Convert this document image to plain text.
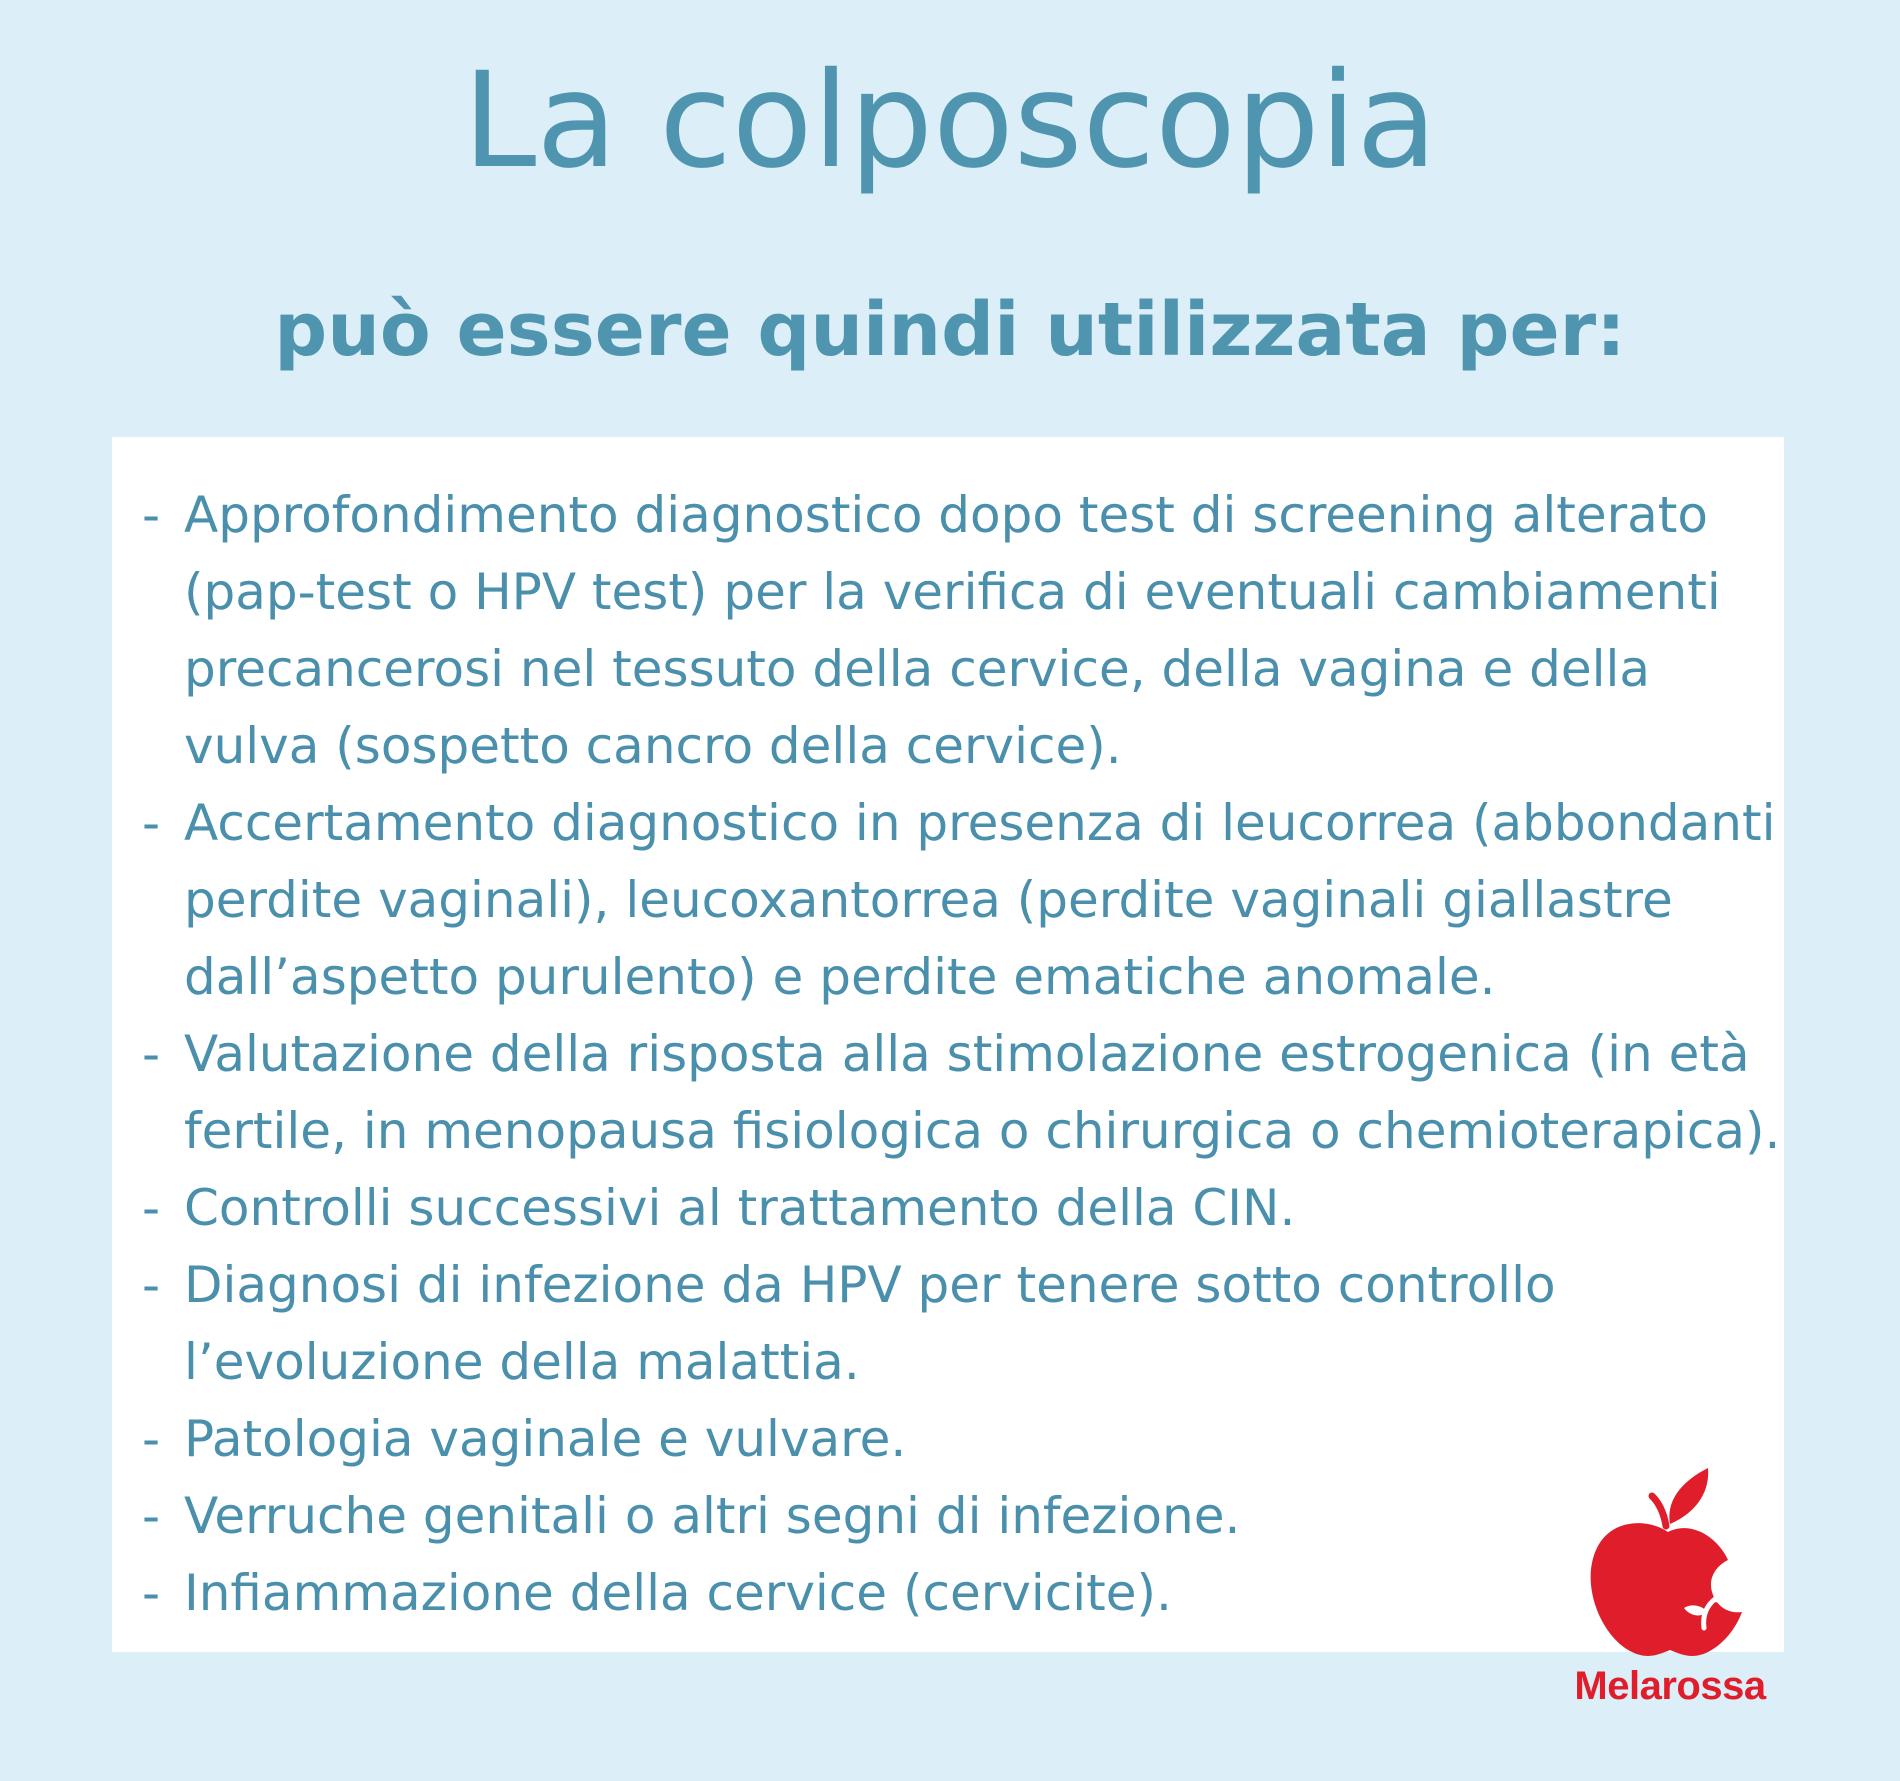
La colposcopia
può essere quindi utilizzata per:
- Approfondimento diagnostico dopo test di screening alterato (pap-test o HPV test) per la verifica di eventuali cambiamenti precancerosi nel tessuto della cervice, della vagina e della vulva (sospetto cancro della cervice).
- Accertamento diagnostico in presenza di leucorrea (abbondanti perdite vaginali), leucoxantorrea (perdite vaginali giallastre dall’aspetto purulento) e perdite ematiche anomale.
- Valutazione della risposta alla stimolazione estrogenica (in età fertile, in menopausa fisiologica o chirurgica o chemioterapica).
- Controlli successivi al trattamento della CIN.
- Diagnosi di infezione da HPV per tenere sotto controllo l’evoluzione della malattia.
- Patologia vaginale e vulvare.
- Verruche genitali o altri segni di infezione.
- Infiammazione della cervice (cervicite).
Melarossa
